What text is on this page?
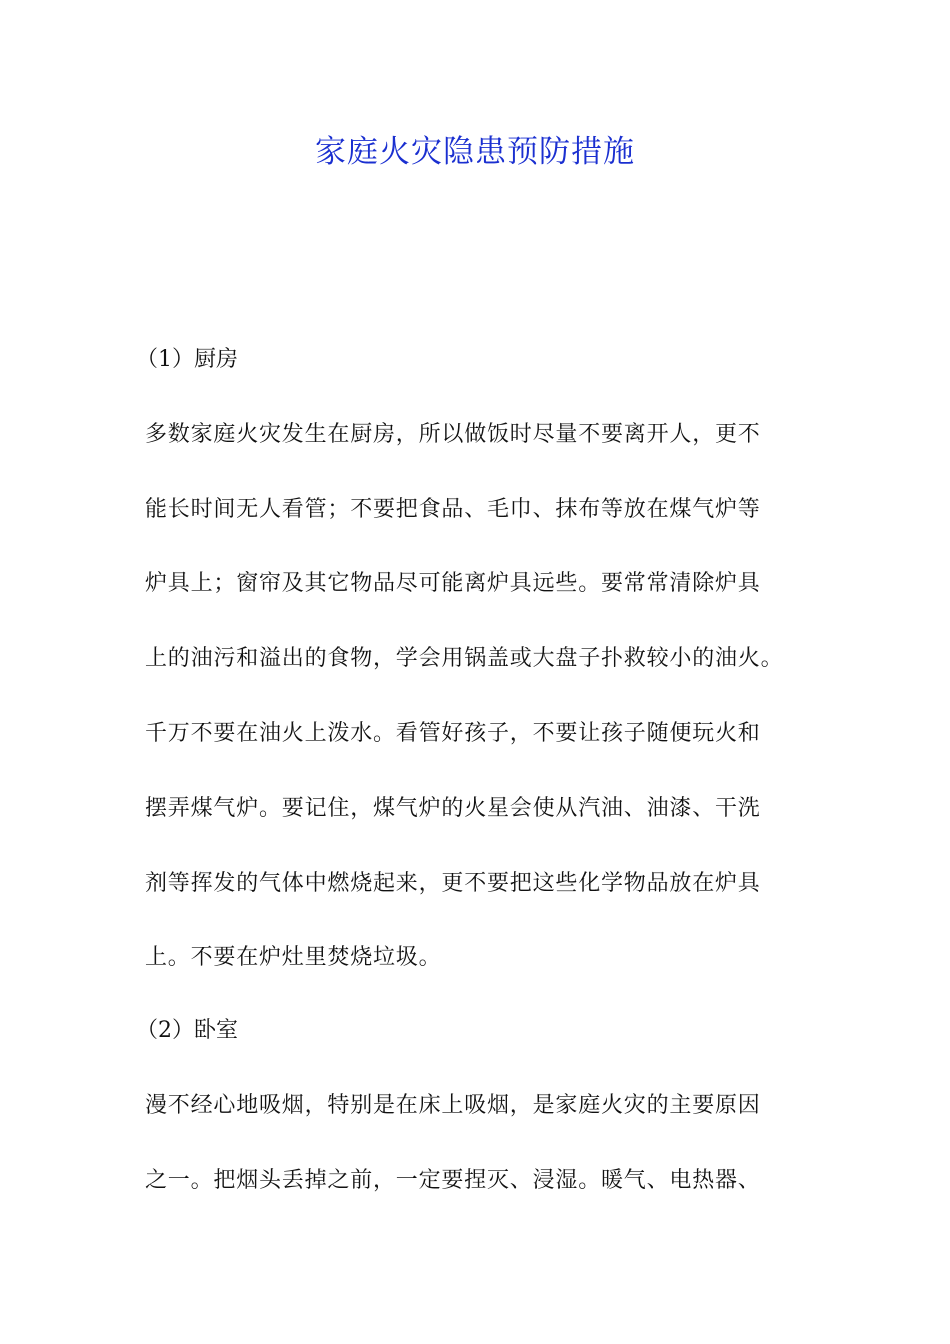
家庭火灾隐患预防措施
（1）厨房
多数家庭火灾发生在厨房，所以做饭时尽量不要离开人，更不
能长时间无人看管；不要把食品、毛巾、抹布等放在煤气炉等
炉具上；窗帘及其它物品尽可能离炉具远些。要常常清除炉具
上的油污和溢出的食物，学会用锅盖或大盘子扑救较小的油火。
千万不要在油火上泼水。看管好孩子，不要让孩子随便玩火和
摆弄煤气炉。要记住，煤气炉的火星会使从汽油、油漆、干洗
剂等挥发的气体中燃烧起来，更不要把这些化学物品放在炉具
上。不要在炉灶里焚烧垃圾。
（2）卧室
漫不经心地吸烟，特别是在床上吸烟，是家庭火灾的主要原因
之一。把烟头丢掉之前，一定要捏灭、浸湿。暖气、电热器、
